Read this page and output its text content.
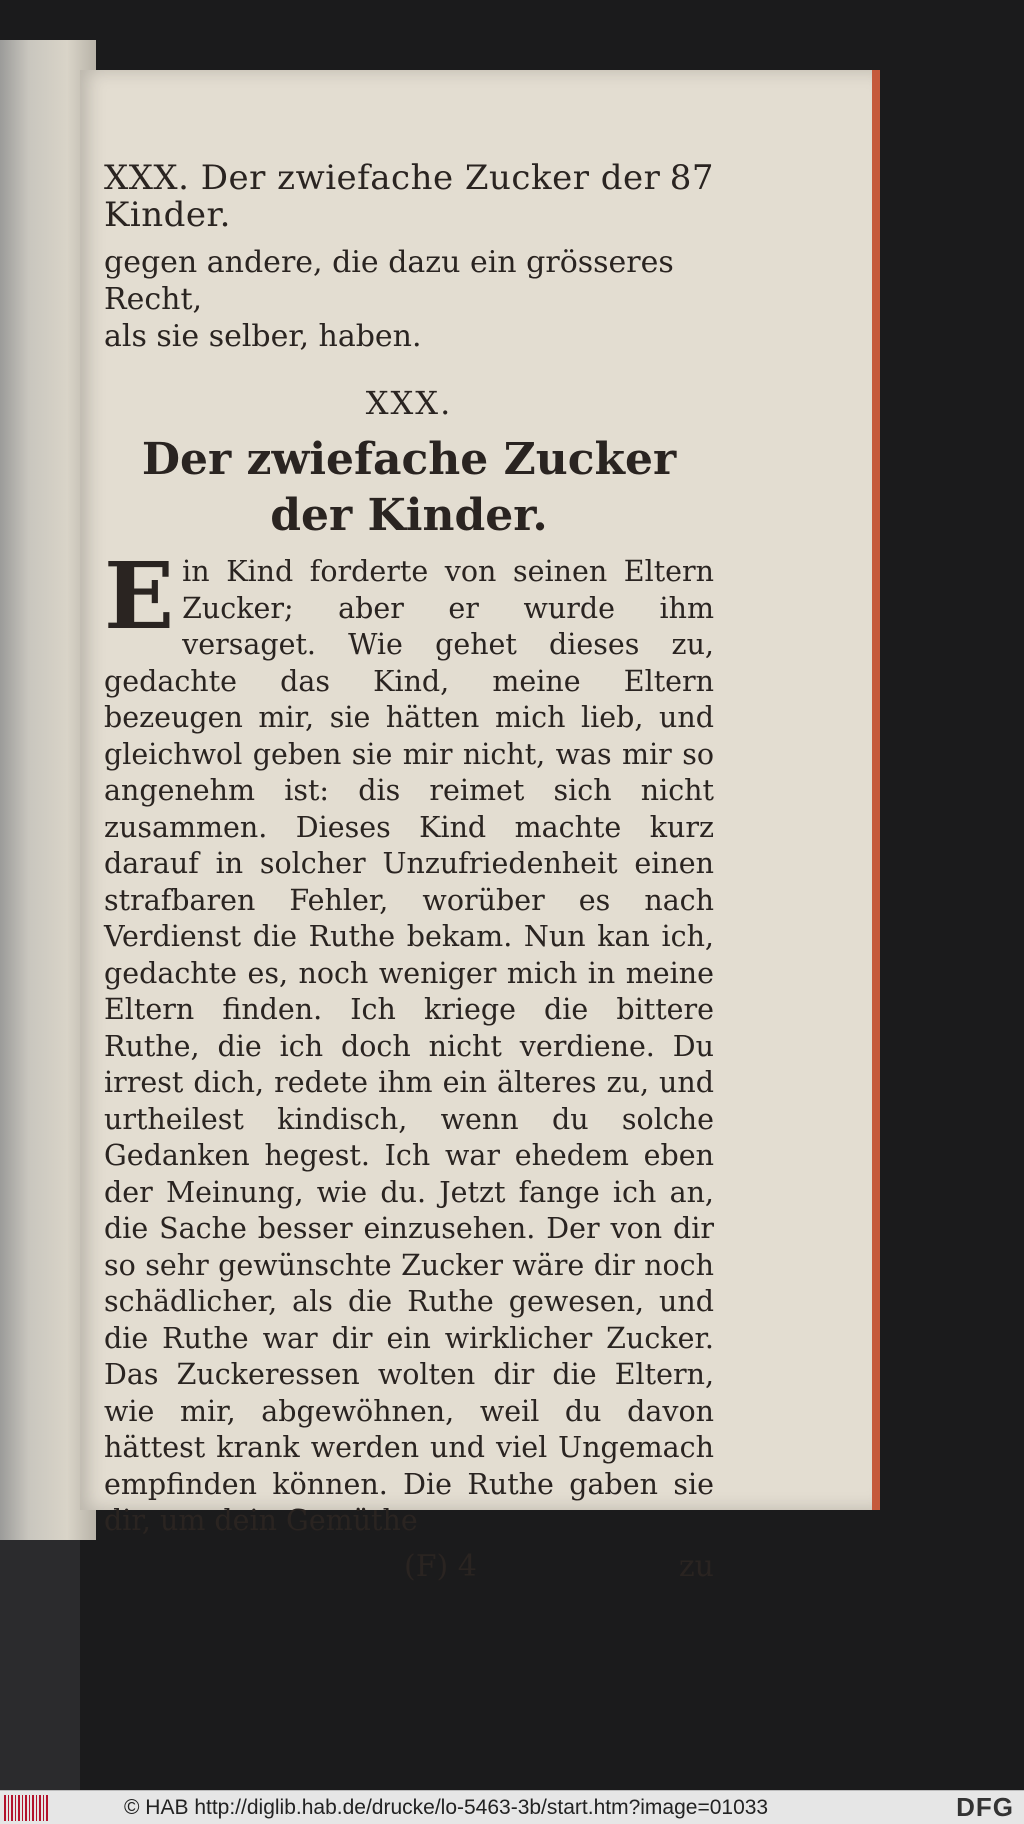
XXX. Der zwiefache Zucker der Kinder.
87

gegen andere, die dazu ein grösseres Recht,

als sie selber, haben.

XXX.
Der zwiefache Zucker der Kinder.
E in Kind forderte von seinen Eltern Zucker; aber er wurde ihm versaget. Wie gehet dieses zu, gedachte das Kind, meine Eltern bezeugen mir, sie hätten mich lieb, und gleichwol geben sie mir nicht, was mir so angenehm ist: dis reimet sich nicht zusammen. Dieses Kind machte kurz darauf in solcher Unzufriedenheit einen strafbaren Fehler, worüber es nach Verdienst die Ruthe bekam. Nun kan ich, gedachte es, noch weniger mich in meine Eltern finden. Ich kriege die bittere Ruthe, die ich doch nicht verdiene. Du irrest dich, redete ihm ein älteres zu, und urtheilest kindisch, wenn du solche Gedanken hegest. Ich war ehedem eben der Meinung, wie du. Jetzt fange ich an, die Sache besser einzusehen. Der von dir so sehr gewünschte Zucker wäre dir noch schädlicher, als die Ruthe gewesen, und die Ruthe war dir ein wirklicher Zucker. Das Zuckeressen wolten dir die Eltern, wie mir, abgewöhnen, weil du davon hättest krank werden und viel Ungemach empfinden können. Die Ruthe gaben sie dir, um dein Gemüthe

(F) 4	zu
© HAB http://diglib.hab.de/drucke/lo-5463-3b/start.htm?image=01033	DFG
